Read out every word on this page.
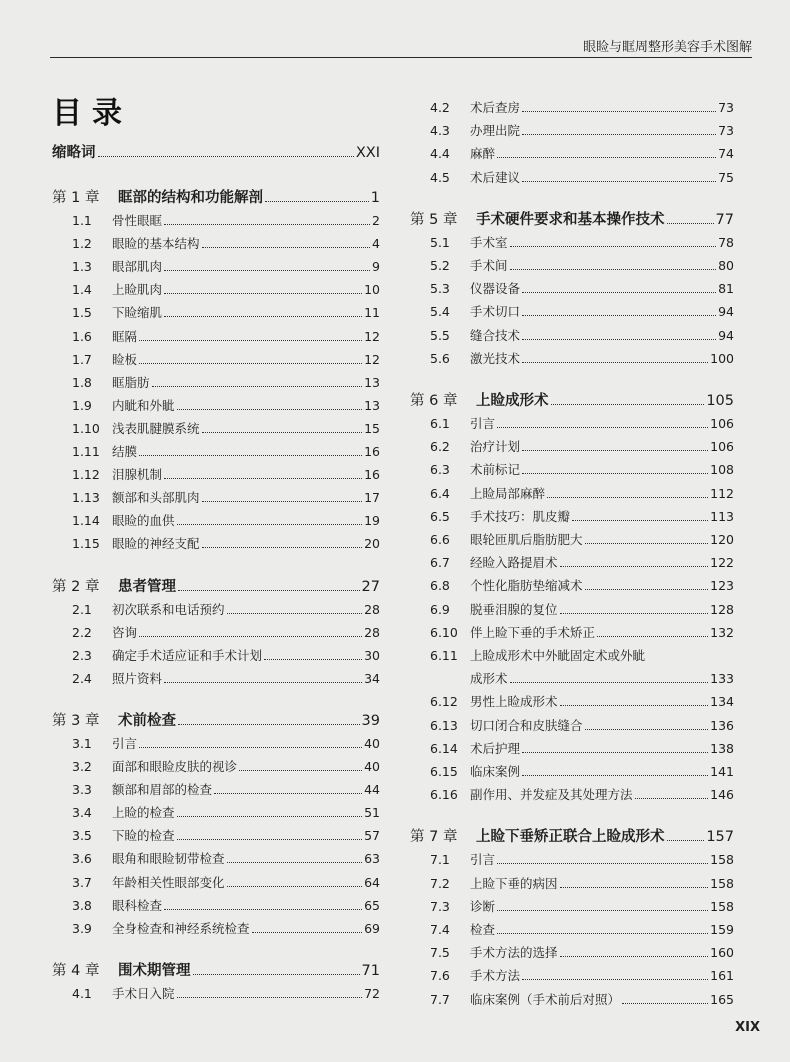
眼睑与眶周整形美容手术图解
目录
缩略词	XXI
第 1 章	眶部的结构和功能解剖	1
1.1	骨性眼眶	2
1.2	眼睑的基本结构	4
1.3	眼部肌肉	9
1.4	上睑肌肉	10
1.5	下睑缩肌	11
1.6	眶隔	12
1.7	睑板	12
1.8	眶脂肪	13
1.9	内眦和外眦	13
1.10 浅表肌腱膜系统	15
1.11 结膜	16
1.12 泪腺机制	16
1.13 额部和头部肌肉	17
1.14 眼睑的血供	19
1.15 眼睑的神经支配	20
第 2 章	患者管理	27
2.1	初次联系和电话预约	28
2.2	咨询	28
2.3	确定手术适应证和手术计划	30
2.4	照片资料	34
第 3 章	术前检查	39
3.1	引言	40
3.2	面部和眼睑皮肤的视诊	40
3.3	额部和眉部的检查	44
3.4	上睑的检查	51
3.5	下睑的检查	57
3.6	眼角和眼睑韧带检查	63
3.7	年龄相关性眼部变化	64
3.8	眼科检查	65
3.9	全身检查和神经系统检查	69
第 4 章	围术期管理	71
4.1	手术日入院	72
4.2	术后查房	73
4.3	办理出院	73
4.4	麻醉	74
4.5	术后建议	75
第 5 章	手术硬件要求和基本操作技术	77
5.1	手术室	78
5.2	手术间	80
5.3	仪器设备	81
5.4	手术切口	94
5.5	缝合技术	94
5.6	激光技术	100
第 6 章	上睑成形术	105
6.1	引言	106
6.2	治疗计划	106
6.3	术前标记	108
6.4	上睑局部麻醉	112
6.5	手术技巧：肌皮瓣	113
6.6	眼轮匝肌后脂肪肥大	120
6.7	经睑入路提眉术	122
6.8	个性化脂肪垫缩减术	123
6.9	脱垂泪腺的复位	128
6.10 伴上睑下垂的手术矫正	132
6.11 上睑成形术中外眦固定术或外眦
成形术	133
6.12 男性上睑成形术	134
6.13 切口闭合和皮肤缝合	136
6.14 术后护理	138
6.15 临床案例	141
6.16 副作用、并发症及其处理方法	146
第 7 章	上睑下垂矫正联合上睑成形术	157
7.1	引言	158
7.2	上睑下垂的病因	158
7.3	诊断	158
7.4	检查	159
7.5	手术方法的选择	160
7.6	手术方法	161
7.7	临床案例（手术前后对照）	165
XIX
